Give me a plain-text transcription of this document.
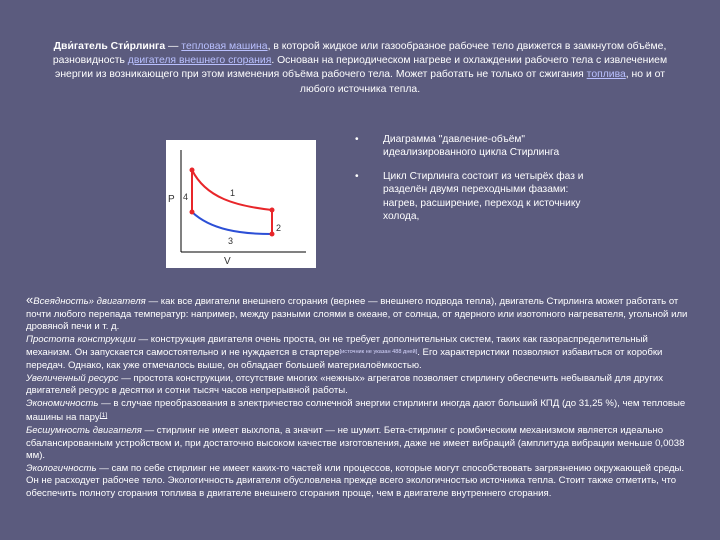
Дви́гатель Сти́рлинга — тепловая машина, в которой жидкое или газообразное рабочее тело движется в замкнутом объёме, разновидность двигателя внешнего сгорания. Основан на периодическом нагреве и охлаждении рабочего тела с извлечением энергии из возникающего при этом изменения объёма рабочего тела. Может работать не только от сжигания топлива, но и от любого источника тепла.
P
V
1
2
3
4
• Диаграмма "давление-объём" идеализированного цикла Стирлинга
• Цикл Стирлинга состоит из четырёх фаз и разделён двумя переходными фазами: нагрев, расширение, переход к источнику холода,

«Всеядность» двигателя — как все двигатели внешнего сгорания (вернее — внешнего подвода тепла), двигатель Стирлинга может работать от почти любого перепада температур: например, между разными слоями в океане, от солнца, от ядерного или изотопного нагревателя, угольной или дровяной печи и т. д.

Простота конструкции — конструкция двигателя очень проста, он не требует дополнительных систем, таких как газораспределительный механизм. Он запускается самостоятельно и не нуждается в стартере[источник не указан 488 дней]. Его характеристики позволяют избавиться от коробки передач. Однако, как уже отмечалось выше, он обладает большей материалоёмкостью.

Увеличенный ресурс — простота конструкции, отсутствие многих «нежных» агрегатов позволяет стирлингу обеспечить небывалый для других двигателей ресурс в десятки и сотни тысяч часов непрерывной работы.

Экономичность — в случае преобразования в электричество солнечной энергии стирлинги иногда дают больший КПД (до 31,25 %), чем тепловые машины на пару[1]

Бесшумность двигателя — стирлинг не имеет выхлопа, а значит — не шумит. Бета-стирлинг с ромбическим механизмом является идеально сбалансированным устройством и, при достаточно высоком качестве изготовления, даже не имеет вибраций (амплитуда вибрации меньше 0,0038 мм).

Экологичность — сам по себе стирлинг не имеет каких-то частей или процессов, которые могут способствовать загрязнению окружающей среды. Он не расходует рабочее тело. Экологичность двигателя обусловлена прежде всего экологичностью источника тепла. Стоит также отметить, что обеспечить полноту сгорания топлива в двигателе внешнего сгорания проще, чем в двигателе внутреннего сгорания.
